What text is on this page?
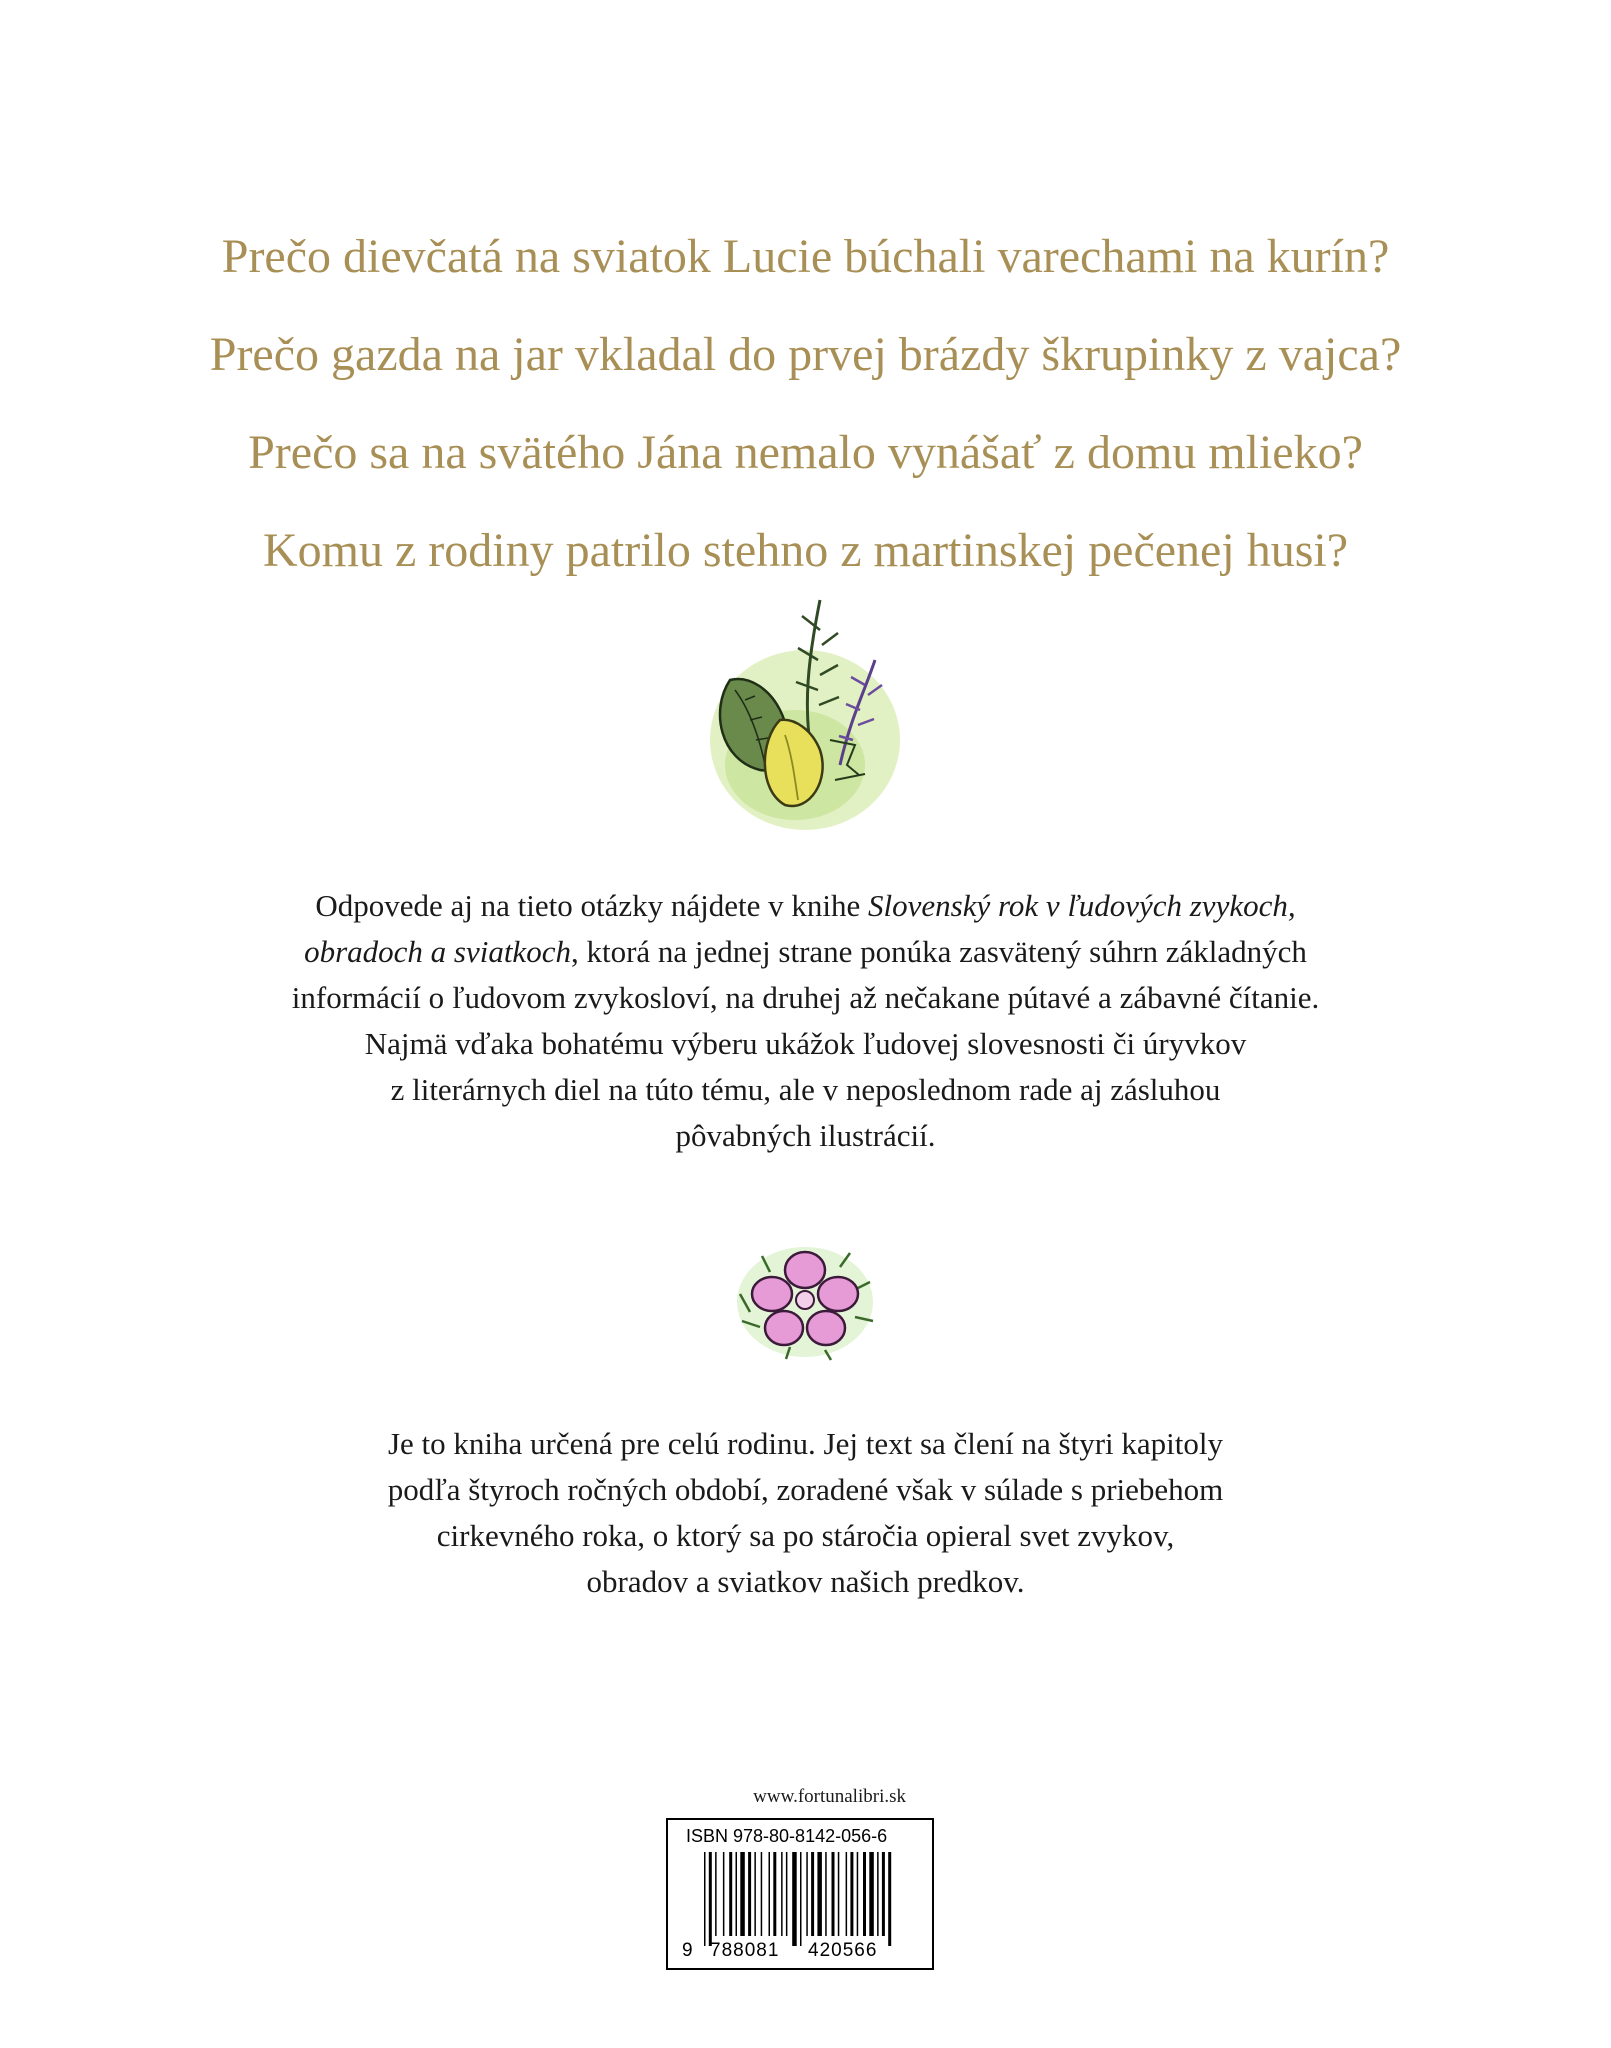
Prečo dievčatá na sviatok Lucie búchali varechami na kurín?
Prečo gazda na jar vkladal do prvej brázdy škrupinky z vajca?
Prečo sa na svätého Jána nemalo vynášať z domu mlieko?
Komu z rodiny patrilo stehno z martinskej pečenej husi?
Odpovede aj na tieto otázky nájdete v knihe Slovenský rok v ľudových zvykoch,
obradoch a sviatkoch, ktorá na jednej strane ponúka zasvätený súhrn základných
informácií o ľudovom zvykosloví, na druhej až nečakane pútavé a zábavné čítanie.
Najmä vďaka bohatému výberu ukážok ľudovej slovesnosti či úryvkov
z literárnych diel na túto tému, ale v neposlednom rade aj zásluhou
pôvabných ilustrácií.
Je to kniha určená pre celú rodinu. Jej text sa člení na štyri kapitoly
podľa štyroch ročných období, zoradené však v súlade s priebehom
cirkevného roka, o ktorý sa po stáročia opieral svet zvykov,
obradov a sviatkov našich predkov.
www.fortunalibri.sk
ISBN 978-80-8142-056-6
9 788081 420566
